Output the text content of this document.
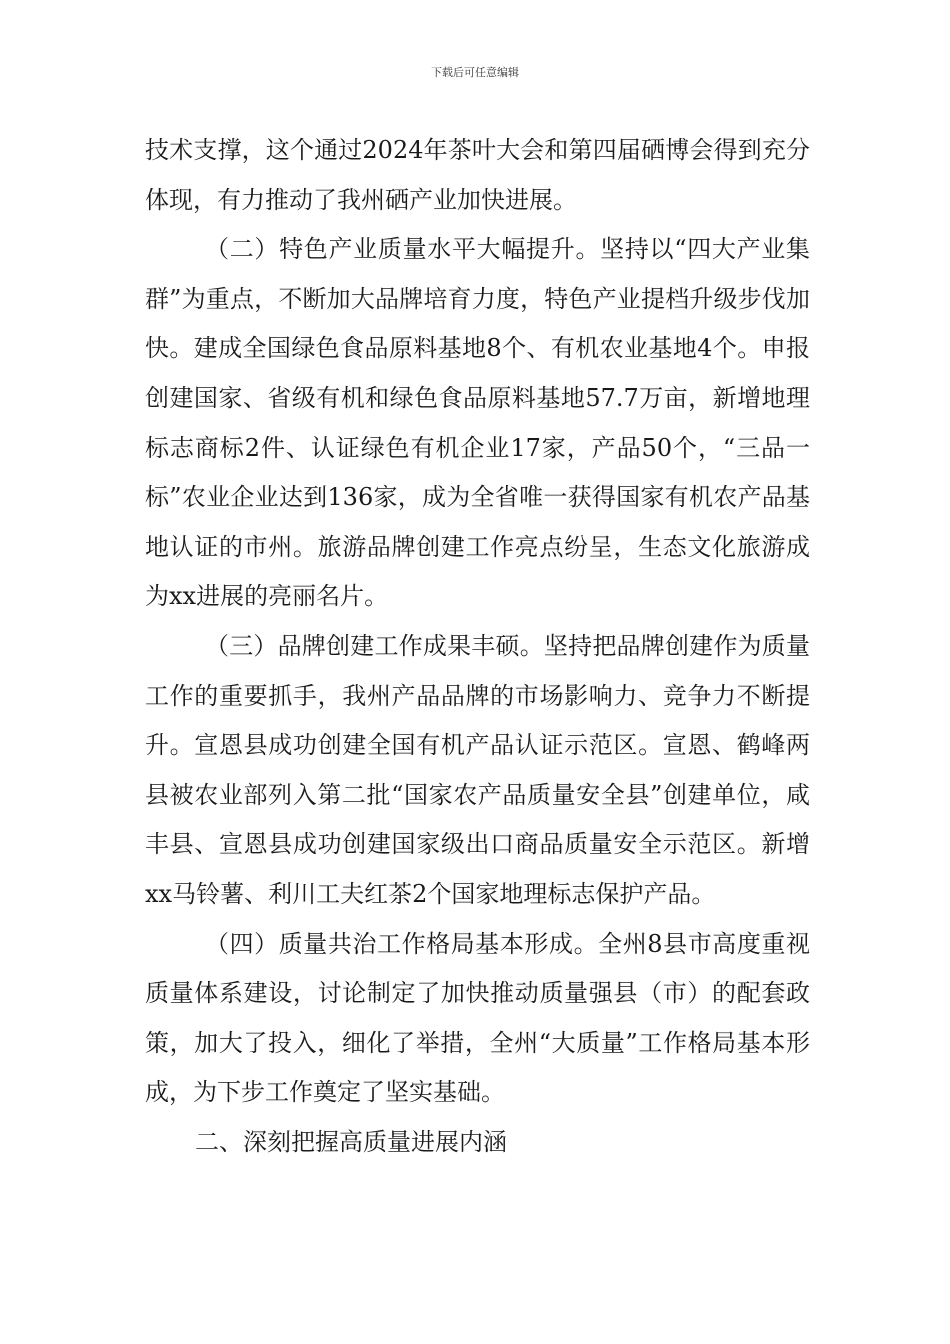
下载后可任意编辑

技术支撑，这个通过2024年茶叶大会和第四届硒博会得到充分体现，有力推动了我州硒产业加快进展。

（二）特色产业质量水平大幅提升。坚持以“四大产业集群”为重点，不断加大品牌培育力度，特色产业提档升级步伐加快。建成全国绿色食品原料基地8个、有机农业基地4个。申报创建国家、省级有机和绿色食品原料基地57.7万亩，新增地理标志商标2件、认证绿色有机企业17家，产品50个，“三品一标”农业企业达到136家，成为全省唯一获得国家有机农产品基地认证的市州。旅游品牌创建工作亮点纷呈，生态文化旅游成为xx进展的亮丽名片。

（三）品牌创建工作成果丰硕。坚持把品牌创建作为质量工作的重要抓手，我州产品品牌的市场影响力、竞争力不断提升。宣恩县成功创建全国有机产品认证示范区。宣恩、鹤峰两县被农业部列入第二批“国家农产品质量安全县”创建单位，咸丰县、宣恩县成功创建国家级出口商品质量安全示范区。新增xx马铃薯、利川工夫红茶2个国家地理标志保护产品。

（四）质量共治工作格局基本形成。全州8县市高度重视质量体系建设，讨论制定了加快推动质量强县（市）的配套政策，加大了投入，细化了举措，全州“大质量”工作格局基本形成，为下步工作奠定了坚实基础。

二、深刻把握高质量进展内涵
